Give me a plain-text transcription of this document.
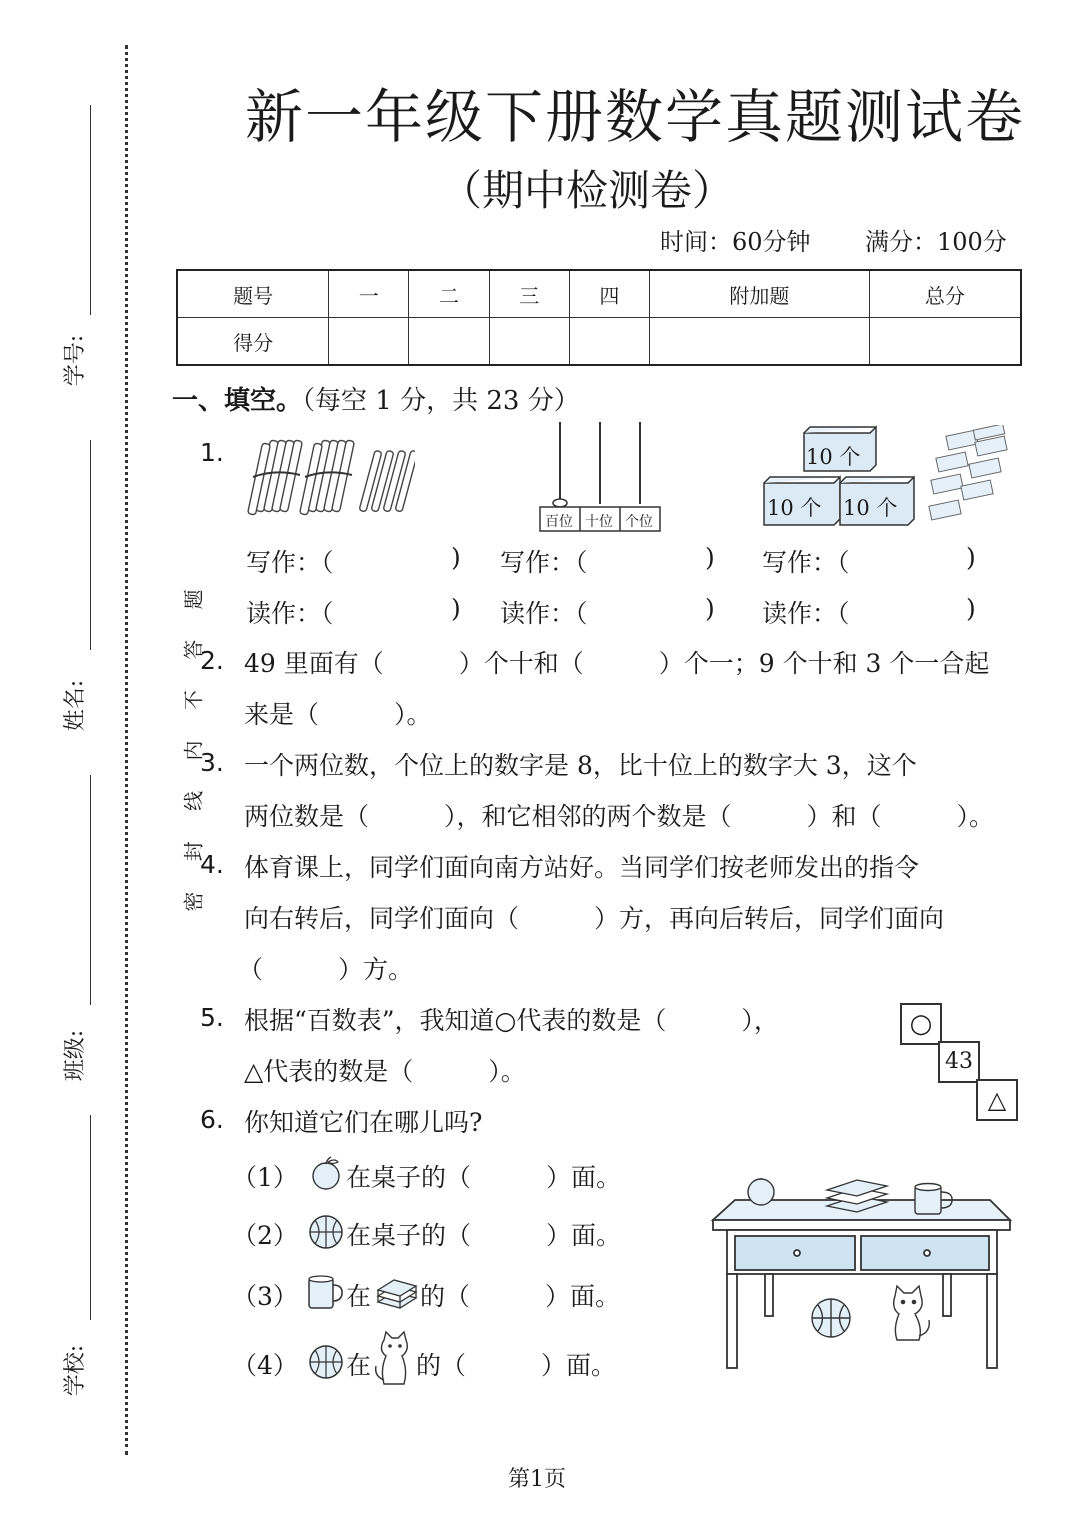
学号:
姓名:
班级:
学校:
密 封 线 内 不 答 题
新一年级下册数学真题测试卷
（期中检测卷）
时间：60分钟 满分：100分
题号	一	二	三	四	附加题	总分
得分						
一、填空。（每空 1 分，共 23 分）
1.
百位 十位 个位
10 个
10 个 10 个
写作：（	) 写作：（	) 写作：（	)
读作：（	) 读作：（	) 读作：（	)
2. 49 里面有（　　　）个十和（　　　）个一；9 个十和 3 个一合起
来是（　　　）。
3. 一个两位数，个位上的数字是 8，比十位上的数字大 3，这个
两位数是（　　　），和它相邻的两个数是（　　　）和（　　　）。
4. 体育课上，同学们面向南方站好。当同学们按老师发出的指令
向右转后，同学们面向（　　　）方，再向后转后，同学们面向
（　　　）方。
5. 根据“百数表”，我知道○代表的数是（　　　），
△代表的数是（　　　）。
○
43
△
6. 你知道它们在哪儿吗?
（1） 在桌子的（　　　）面。
（2） 在桌子的（　　　）面。
（3） 在 的（　　　）面。
（4） 在 的（　　　）面。
第1页
